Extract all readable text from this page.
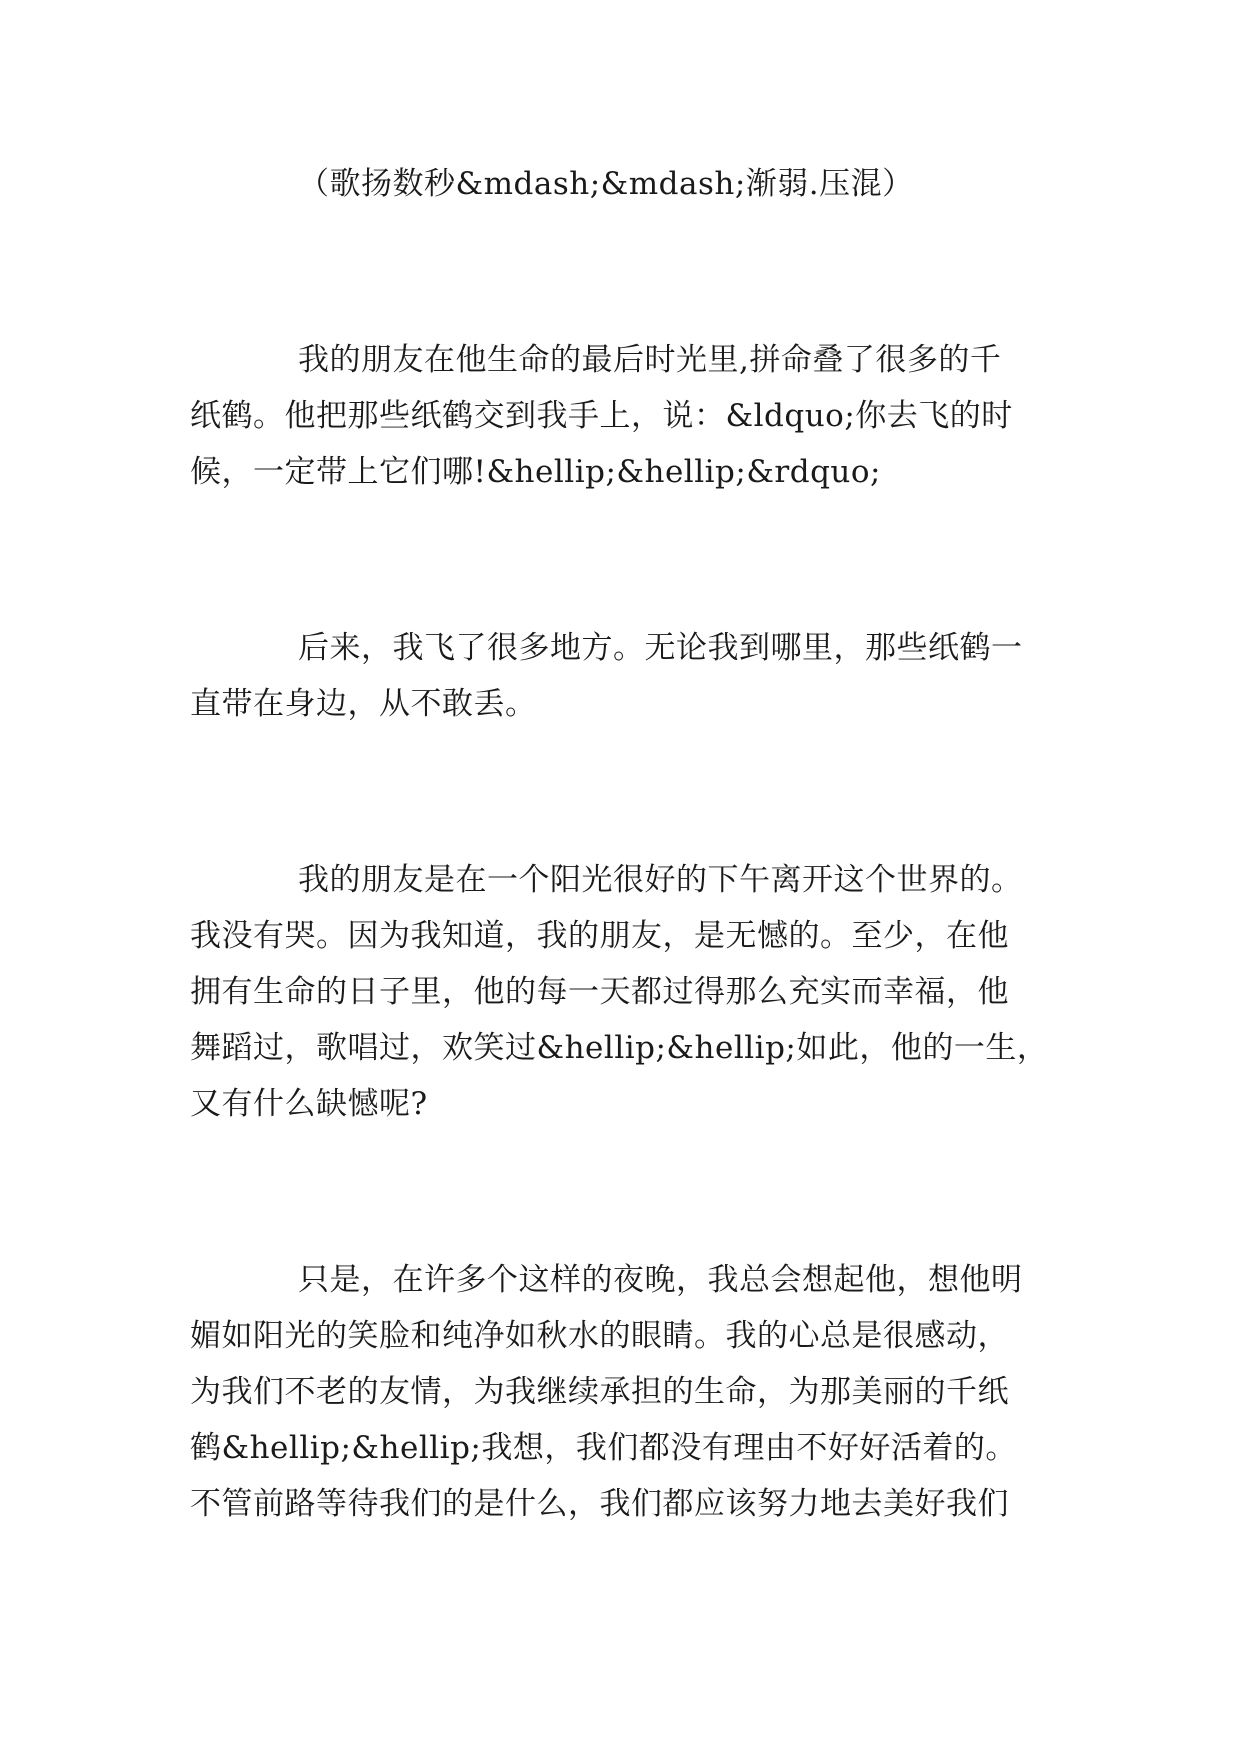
（歌扬数秒&mdash;&mdash;渐弱.压混）
我的朋友在他生命的最后时光里,拼命叠了很多的千
纸鹤。他把那些纸鹤交到我手上，说：&ldquo;你去飞的时
候，一定带上它们哪!&hellip;&hellip;&rdquo;
后来，我飞了很多地方。无论我到哪里，那些纸鹤一
直带在身边，从不敢丢。
我的朋友是在一个阳光很好的下午离开这个世界的。
我没有哭。因为我知道，我的朋友，是无憾的。至少，在他
拥有生命的日子里，他的每一天都过得那么充实而幸福，他
舞蹈过，歌唱过，欢笑过&hellip;&hellip;如此，他的一生，
又有什么缺憾呢?
只是，在许多个这样的夜晚，我总会想起他，想他明
媚如阳光的笑脸和纯净如秋水的眼睛。我的心总是很感动，
为我们不老的友情，为我继续承担的生命，为那美丽的千纸
鹤&hellip;&hellip;我想，我们都没有理由不好好活着的。
不管前路等待我们的是什么，我们都应该努力地去美好我们
